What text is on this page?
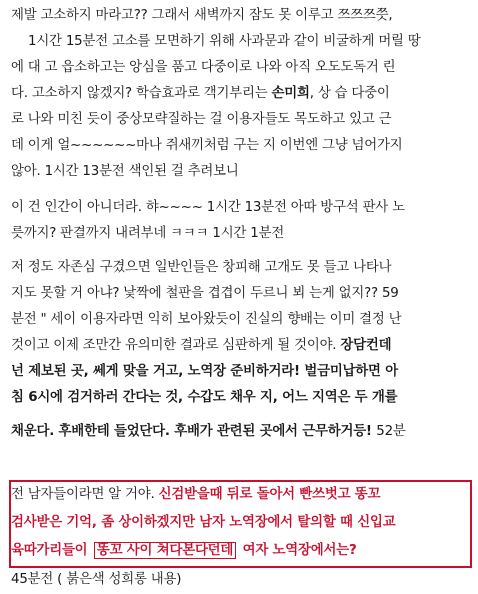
제발 고소하지 마라고?? 그래서 새벽까지 잠도 못 이루고 쯔쯔쯔쯧,
1시간 15분전 고소를 모면하기 위해 사과문과 같이 비굴하게 머릴 땅
에 대 고 읍소하고는 앙심을 품고 다중이로 나와 아직 오도도독거 린
다. 고소하지 않겠지? 학습효과로 객기부리는 손미희, 상 습 다중이
로 나와 미친 듯이 중상모략질하는 걸 이용자들도 목도하고 있고 근
데 이게 얼~~~~~~마나 쥐새끼처럼 구는 지 이번엔 그냥 넘어가지
않아. 1시간 13분전 색인된 걸 추려보니
이 건 인간이 아니더라. 햐~~~~ 1시간 13분전 아따 방구석 판사 노
릇까지? 판결까지 내려부네 ㅋㅋㅋ 1시간 1분전
저 정도 자존심 구겼으면 일반인들은 창피해 고개도 못 들고 나타나
지도 못할 거 아냐? 낯짝에 철판을 겹겹이 두르니 뵈 는게 없지?? 59
분전 " 세이 이용자라면 익히 보아왔듯이 진실의 향배는 이미 결정 난
것이고 이제 조만간 유의미한 결과로 심판하게 될 것이야. 장담컨데
넌 제보된 곳, 쎄게 맞을 거고, 노역장 준비하거라! 벌금미납하면 아
침 6시에 검거하러 간다는 것, 수갑도 채우 지, 어느 지역은 두 개를
채운다. 후배한테 들었단다. 후배가 관련된 곳에서 근무하거등! 52분
전 남자들이라면 알 거야. 신검받을때 뒤로 돌아서 빤쓰벗고 똥꼬
검사받은 기억, 좀 상이하겠지만 남자 노역장에서 탈의할 때 신입교
육따가리들이 똥꼬 사이 쳐다본다던데 여자 노역장에서는?
45분전 ( 붉은색 성희롱 내용)
